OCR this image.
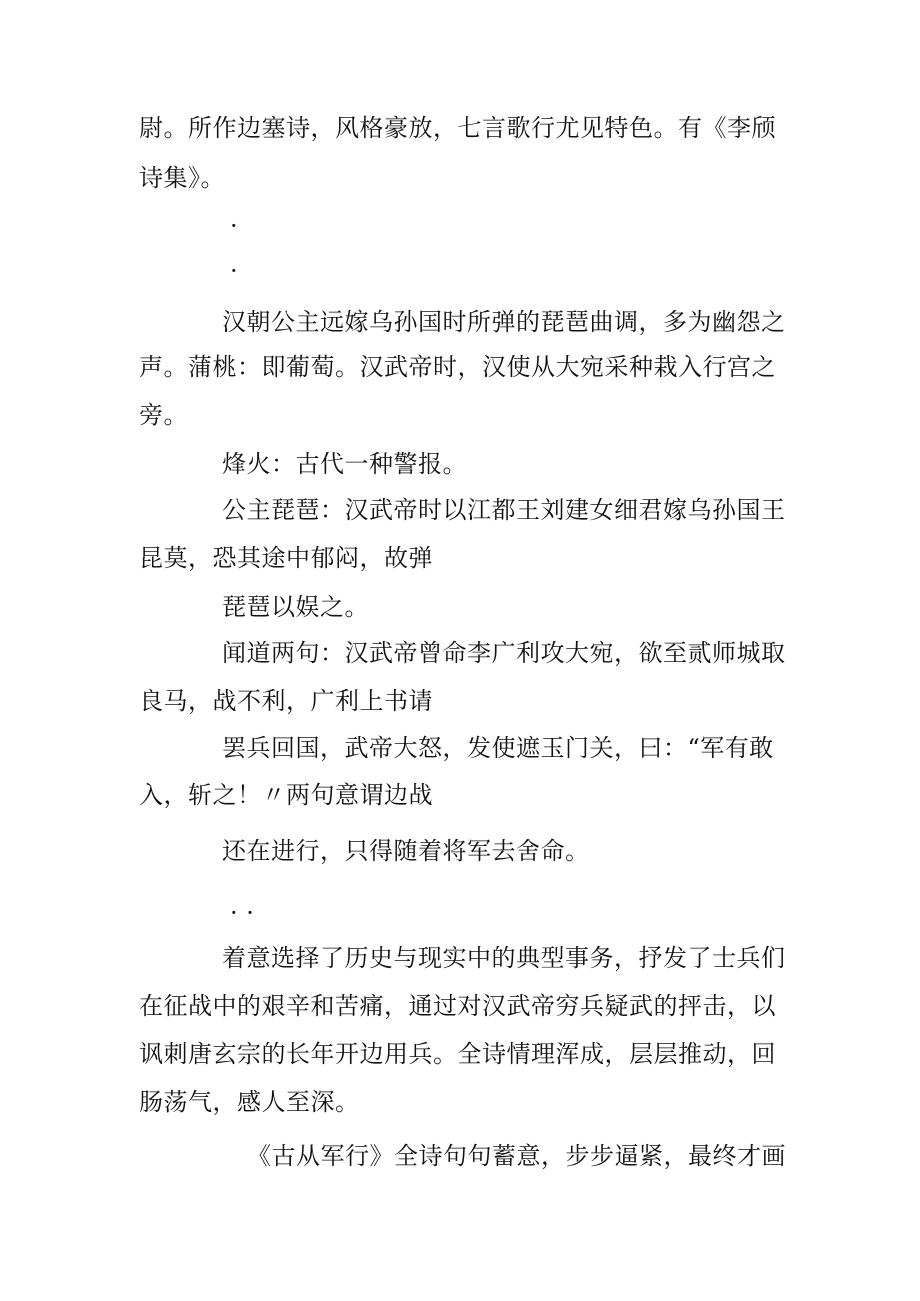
尉。所作边塞诗，风格豪放，七言歌行尤见特色。有《李颀
诗集》。
·
·
汉朝公主远嫁乌孙国时所弹的琵琶曲调，多为幽怨之
声。蒲桃：即葡萄。汉武帝时，汉使从大宛采种栽入行宫之
旁。
烽火：古代一种警报。
公主琵琶：汉武帝时以江都王刘建女细君嫁乌孙国王
昆莫，恐其途中郁闷，故弹
琵琶以娱之。
闻道两句：汉武帝曾命李广利攻大宛，欲至贰师城取
良马，战不利，广利上书请
罢兵回国，武帝大怒，发使遮玉门关，曰：“军有敢
入，斩之！〃两句意谓边战
还在进行，只得随着将军去舍命。
· ·
着意选择了历史与现实中的典型事务，抒发了士兵们
在征战中的艰辛和苦痛，通过对汉武帝穷兵疑武的抨击，以
讽刺唐玄宗的长年开边用兵。全诗情理浑成，层层推动，回
肠荡气，感人至深。
《古从军行》全诗句句蓄意，步步逼紧，最终才画
